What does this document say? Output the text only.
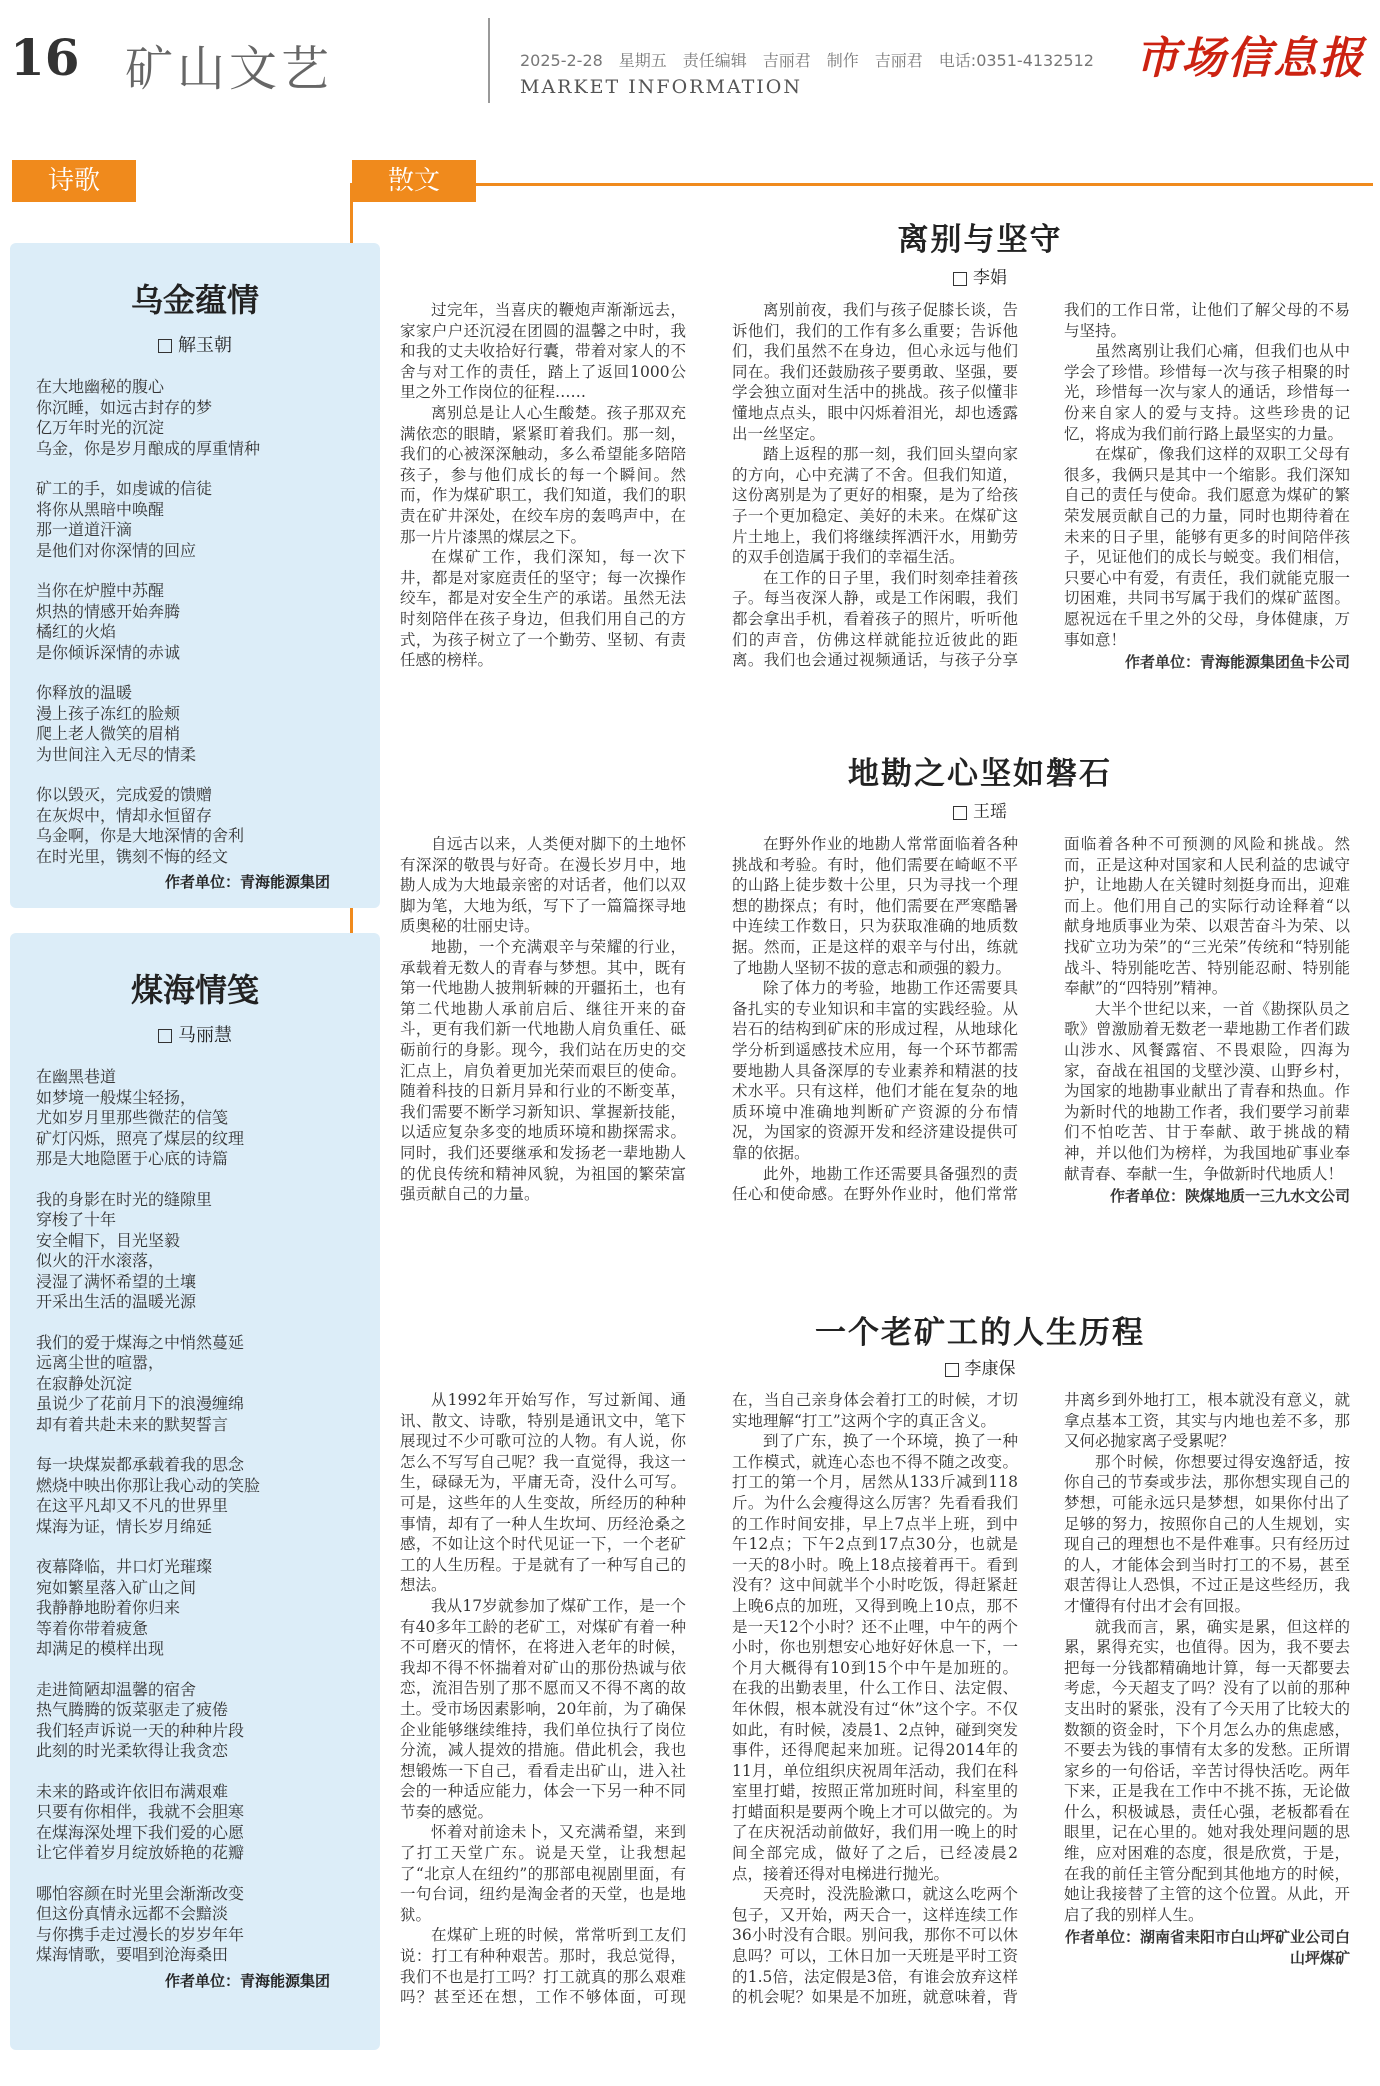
16 矿山文艺	2025-2-28　星期五　责任编辑　吉丽君　制作　吉丽君　电话:0351-4132512
MARKET INFORMATION
市场信息报
诗歌	散文
乌金蕴情
解玉朝
在大地幽秘的腹心
你沉睡，如远古封存的梦
亿万年时光的沉淀
乌金，你是岁月酿成的厚重情种
矿工的手，如虔诚的信徒
将你从黑暗中唤醒
那一道道汗滴
是他们对你深情的回应
当你在炉膛中苏醒
炽热的情感开始奔腾
橘红的火焰
是你倾诉深情的赤诚
你释放的温暖
漫上孩子冻红的脸颊
爬上老人微笑的眉梢
为世间注入无尽的情柔
你以毁灭，完成爱的馈赠
在灰烬中，情却永恒留存
乌金啊，你是大地深情的舍利
在时光里，镌刻不悔的经文
作者单位：青海能源集团
煤海情笺
马丽慧
在幽黑巷道
如梦境一般煤尘轻扬，
尤如岁月里那些微茫的信笺
矿灯闪烁，照亮了煤层的纹理
那是大地隐匿于心底的诗篇
我的身影在时光的缝隙里
穿梭了十年
安全帽下，目光坚毅
似火的汗水滚落，
浸湿了满怀希望的土壤
开采出生活的温暖光源
我们的爱于煤海之中悄然蔓延
远离尘世的喧嚣，
在寂静处沉淀
虽说少了花前月下的浪漫缠绵
却有着共赴未来的默契誓言
每一块煤炭都承载着我的思念
燃烧中映出你那让我心动的笑脸
在这平凡却又不凡的世界里
煤海为证，情长岁月绵延
夜幕降临，井口灯光璀璨
宛如繁星落入矿山之间
我静静地盼着你归来
等着你带着疲惫
却满足的模样出现
走进简陋却温馨的宿舍
热气腾腾的饭菜驱走了疲倦
我们轻声诉说一天的种种片段
此刻的时光柔软得让我贪恋
未来的路或许依旧布满艰难
只要有你相伴，我就不会胆寒
在煤海深处埋下我们爱的心愿
让它伴着岁月绽放娇艳的花瓣
哪怕容颜在时光里会渐渐改变
但这份真情永远都不会黯淡
与你携手走过漫长的岁岁年年
煤海情歌，要唱到沧海桑田
作者单位：青海能源集团
离别与坚守
李娟

过完年，当喜庆的鞭炮声渐渐远去，家家户户还沉浸在团圆的温馨之中时，我和我的丈夫收拾好行囊，带着对家人的不舍与对工作的责任，踏上了返回1000公里之外工作岗位的征程……

离别总是让人心生酸楚。孩子那双充满依恋的眼睛，紧紧盯着我们。那一刻，我们的心被深深触动，多么希望能多陪陪孩子，参与他们成长的每一个瞬间。然而，作为煤矿职工，我们知道，我们的职责在矿井深处，在绞车房的轰鸣声中，在那一片片漆黑的煤层之下。

在煤矿工作，我们深知，每一次下井，都是对家庭责任的坚守；每一次操作绞车，都是对安全生产的承诺。虽然无法时刻陪伴在孩子身边，但我们用自己的方式，为孩子树立了一个勤劳、坚韧、有责任感的榜样。

离别前夜，我们与孩子促膝长谈，告诉他们，我们的工作有多么重要；告诉他们，我们虽然不在身边，但心永远与他们同在。我们还鼓励孩子要勇敢、坚强，要学会独立面对生活中的挑战。孩子似懂非懂地点点头，眼中闪烁着泪光，却也透露出一丝坚定。

踏上返程的那一刻，我们回头望向家的方向，心中充满了不舍。但我们知道，这份离别是为了更好的相聚，是为了给孩子一个更加稳定、美好的未来。在煤矿这片土地上，我们将继续挥洒汗水，用勤劳的双手创造属于我们的幸福生活。

在工作的日子里，我们时刻牵挂着孩子。每当夜深人静，或是工作闲暇，我们都会拿出手机，看着孩子的照片，听听他们的声音，仿佛这样就能拉近彼此的距离。我们也会通过视频通话，与孩子分享我们的工作日常，让他们了解父母的不易与坚持。

虽然离别让我们心痛，但我们也从中学会了珍惜。珍惜每一次与孩子相聚的时光，珍惜每一次与家人的通话，珍惜每一份来自家人的爱与支持。这些珍贵的记忆，将成为我们前行路上最坚实的力量。

在煤矿，像我们这样的双职工父母有很多，我俩只是其中一个缩影。我们深知自己的责任与使命。我们愿意为煤矿的繁荣发展贡献自己的力量，同时也期待着在未来的日子里，能够有更多的时间陪伴孩子，见证他们的成长与蜕变。我们相信，只要心中有爱，有责任，我们就能克服一切困难，共同书写属于我们的煤矿蓝图。愿祝远在千里之外的父母，身体健康，万事如意！

作者单位：青海能源集团鱼卡公司
地勘之心坚如磐石
王瑶

自远古以来，人类便对脚下的土地怀有深深的敬畏与好奇。在漫长岁月中，地勘人成为大地最亲密的对话者，他们以双脚为笔，大地为纸，写下了一篇篇探寻地质奥秘的壮丽史诗。

地勘，一个充满艰辛与荣耀的行业，承载着无数人的青春与梦想。其中，既有第一代地勘人披荆斩棘的开疆拓土，也有第二代地勘人承前启后、继往开来的奋斗，更有我们新一代地勘人肩负重任、砥砺前行的身影。现今，我们站在历史的交汇点上，肩负着更加光荣而艰巨的使命。随着科技的日新月异和行业的不断变革，我们需要不断学习新知识、掌握新技能，以适应复杂多变的地质环境和勘探需求。同时，我们还要继承和发扬老一辈地勘人的优良传统和精神风貌，为祖国的繁荣富强贡献自己的力量。

在野外作业的地勘人常常面临着各种挑战和考验。有时，他们需要在崎岖不平的山路上徒步数十公里，只为寻找一个理想的勘探点；有时，他们需要在严寒酷暑中连续工作数日，只为获取准确的地质数据。然而，正是这样的艰辛与付出，练就了地勘人坚韧不拔的意志和顽强的毅力。

除了体力的考验，地勘工作还需要具备扎实的专业知识和丰富的实践经验。从岩石的结构到矿床的形成过程，从地球化学分析到遥感技术应用，每一个环节都需要地勘人具备深厚的专业素养和精湛的技术水平。只有这样，他们才能在复杂的地质环境中准确地判断矿产资源的分布情况，为国家的资源开发和经济建设提供可靠的依据。

此外，地勘工作还需要具备强烈的责任心和使命感。在野外作业时，他们常常面临着各种不可预测的风险和挑战。然而，正是这种对国家和人民利益的忠诚守护，让地勘人在关键时刻挺身而出，迎难而上。他们用自己的实际行动诠释着“以献身地质事业为荣、以艰苦奋斗为荣、以找矿立功为荣”的“三光荣”传统和“特别能战斗、特别能吃苦、特别能忍耐、特别能奉献”的“四特别”精神。

大半个世纪以来，一首《勘探队员之歌》曾激励着无数老一辈地勘工作者们跋山涉水、风餐露宿、不畏艰险，四海为家，奋战在祖国的戈壁沙漠、山野乡村，为国家的地勘事业献出了青春和热血。作为新时代的地勘工作者，我们要学习前辈们不怕吃苦、甘于奉献、敢于挑战的精神，并以他们为榜样，为我国地矿事业奉献青春、奉献一生，争做新时代地质人！

作者单位：陕煤地质一三九水文公司
一个老矿工的人生历程
李康保

从1992年开始写作，写过新闻、通讯、散文、诗歌，特别是通讯文中，笔下展现过不少可歌可泣的人物。有人说，你怎么不写写自己呢？我一直觉得，我这一生，碌碌无为，平庸无奇，没什么可写。可是，这些年的人生变故，所经历的种种事情，却有了一种人生坎坷、历经沧桑之感，不如让这个时代见证一下，一个老矿工的人生历程。于是就有了一种写自己的想法。

我从17岁就参加了煤矿工作，是一个有40多年工龄的老矿工，对煤矿有着一种不可磨灭的情怀，在将进入老年的时候，我却不得不怀揣着对矿山的那份热诚与依恋，流泪告别了那不愿而又不得不离的故土。受市场因素影响，20年前，为了确保企业能够继续维持，我们单位执行了岗位分流，减人提效的措施。借此机会，我也想锻炼一下自己，看看走出矿山，进入社会的一种适应能力，体会一下另一种不同节奏的感觉。

怀着对前途未卜，又充满希望，来到了打工天堂广东。说是天堂，让我想起了“北京人在纽约”的那部电视剧里面，有一句台词，纽约是淘金者的天堂，也是地狱。

在煤矿上班的时候，常常听到工友们说：打工有种种艰苦。那时，我总觉得，我们不也是打工吗？打工就真的那么艰难吗？甚至还在想，工作不够体面，可现在，当自己亲身体会着打工的时候，才切实地理解“打工”这两个字的真正含义。

到了广东，换了一个环境，换了一种工作模式，就连心态也不得不随之改变。打工的第一个月，居然从133斤减到118斤。为什么会瘦得这么厉害？先看看我们的工作时间安排，早上7点半上班，到中午12点；下午2点到17点30分，也就是一天的8小时。晚上18点接着再干。看到没有？这中间就半个小时吃饭，得赶紧赶上晚6点的加班，又得到晚上10点，那不是一天12个小时？还不止哩，中午的两个小时，你也别想安心地好好休息一下，一个月大概得有10到15个中午是加班的。在我的出勤表里，什么工作日、法定假、年休假，根本就没有过“休”这个字。不仅如此，有时候，凌晨1、2点钟，碰到突发事件，还得爬起来加班。记得2014年的11月，单位组织庆祝周年活动，我们在科室里打蜡，按照正常加班时间，科室里的打蜡面积是要两个晚上才可以做完的。为了在庆祝活动前做好，我们用一晚上的时间全部完成，做好了之后，已经凌晨2点，接着还得对电梯进行抛光。

天亮时，没洗脸漱口，就这么吃两个包子，又开始，两天合一，这样连续工作36小时没有合眼。别问我，那你不可以休息吗？可以，工休日加一天班是平时工资的1.5倍，法定假是3倍，有谁会放弃这样的机会呢？如果是不加班，就意味着，背井离乡到外地打工，根本就没有意义，就拿点基本工资，其实与内地也差不多，那又何必抛家离子受累呢？

那个时候，你想要过得安逸舒适，按你自己的节奏或步法，那你想实现自己的梦想，可能永远只是梦想，如果你付出了足够的努力，按照你自己的人生规划，实现自己的理想也不是件难事。只有经历过的人，才能体会到当时打工的不易，甚至艰苦得让人恐惧，不过正是这些经历，我才懂得有付出才会有回报。

就我而言，累，确实是累，但这样的累，累得充实，也值得。因为，我不要去把每一分钱都精确地计算，每一天都要去考虑，今天超支了吗？没有了以前的那种支出时的紧张，没有了今天用了比较大的数额的资金时，下个月怎么办的焦虑感，不要去为钱的事情有太多的发愁。正所谓家乡的一句俗话，辛苦讨得快活吃。两年下来，正是我在工作中不挑不拣，无论做什么，积极诚恳，责任心强，老板都看在眼里，记在心里的。她对我处理问题的思维，应对困难的态度，很是欣赏，于是，在我的前任主管分配到其他地方的时候，她让我接替了主管的这个位置。从此，开启了我的别样人生。

作者单位：湖南省耒阳市白山坪矿业公司白山坪煤矿
